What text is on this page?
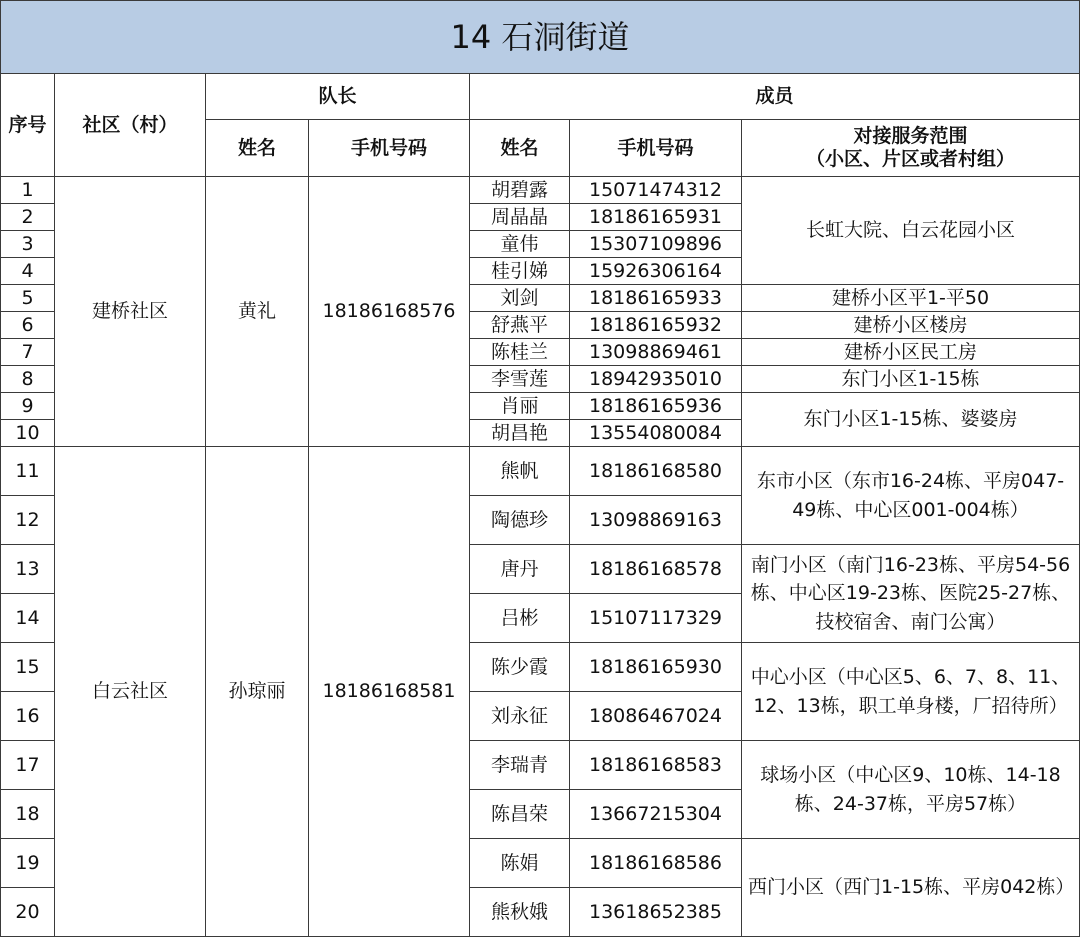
14 石洞街道						
序号	社区（村）	队长		成员		
		姓名	手机号码	姓名	手机号码	对接服务范围
（小区、片区或者村组）

1	建桥社区	黄礼	18186168576	胡碧露	15071474312	长虹大院、白云花园小区
2				周晶晶	18186165931	
3				童伟	15307109896	
4				桂引娣	15926306164	
5				刘剑	18186165933	建桥小区平1-平50
6				舒燕平	18186165932	建桥小区楼房
7				陈桂兰	13098869461	建桥小区民工房
8				李雪莲	18942935010	东门小区1-15栋
9				肖丽	18186165936	东门小区1-15栋、婆婆房
10				胡昌艳	13554080084	
11	白云社区	孙琼丽	18186168581	熊帆	18186168580	东市小区（东市16-24栋、平房047-49栋、中心区001-004栋）
12				陶德珍	13098869163	
13				唐丹	18186168578	南门小区（南门16-23栋、平房54-56栋、中心区19-23栋、医院25-27栋、技校宿舍、南门公寓）
14				吕彬	15107117329	
15				陈少霞	18186165930	中心小区（中心区5、6、7、8、11、12、13栋，职工单身楼，厂招待所）
16				刘永征	18086467024	
17				李瑞青	18186168583	球场小区（中心区9、10栋、14-18栋、24-37栋，平房57栋）
18				陈昌荣	13667215304	
19				陈娟	18186168586	西门小区（西门1-15栋、平房042栋）
20				熊秋娥	13618652385	
